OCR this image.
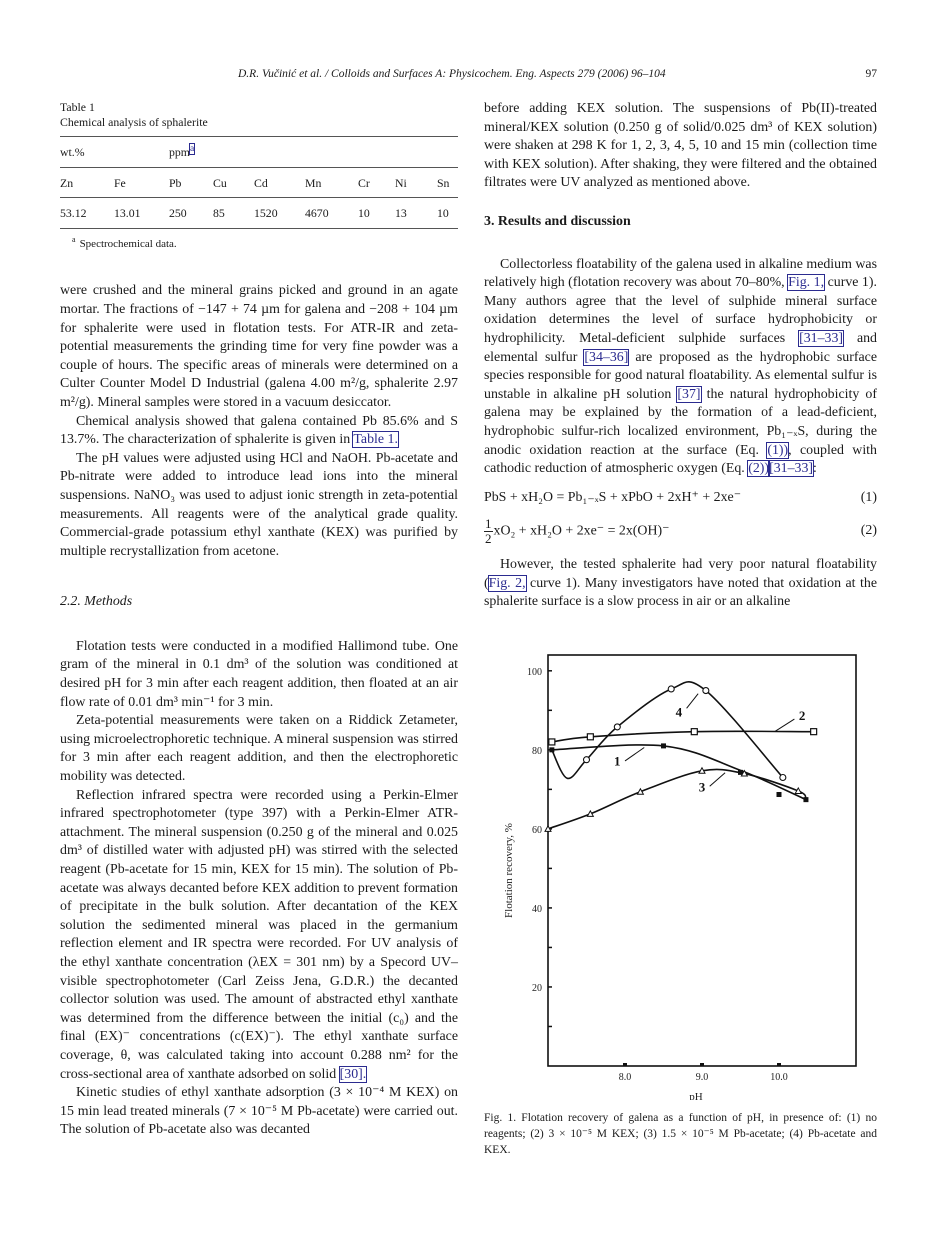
D.R. Vučinić et al. / Colloids and Surfaces A: Physicochem. Eng. Aspects 279 (2006) 96–104	97
Table 1
Chemical analysis of sphalerite
wt.%		ppm$^a$
Zn	Fe	Pb	Cu	Cd	Mn	Cr	Ni	Sn
53.12	13.01	250	85	1520	4670	10	13	10
$^a$ Spectrochemical data.

were crushed and the mineral grains picked and ground in an agate mortar. The fractions of −147 + 74 µm for galena and −208 + 104 µm for sphalerite were used in flotation tests. For ATR-IR and zeta-potential measurements the grinding time for very fine powder was a couple of hours. The specific areas of minerals were determined on a Culter Counter Model D Industrial (galena 4.00 m²/g, sphalerite 2.97 m²/g). Mineral samples were stored in a vacuum desiccator.

Chemical analysis showed that galena contained Pb 85.6% and S 13.7%. The characterization of sphalerite is given in Table 1.

The pH values were adjusted using HCl and NaOH. Pb-acetate and Pb-nitrate were added to introduce lead ions into the mineral suspensions. NaNO₃ was used to adjust ionic strength in zeta-potential measurements. All reagents were of the analytical grade quality. Commercial-grade potassium ethyl xanthate (KEX) was purified by multiple recrystallization from acetone.

2.2. Methods

Flotation tests were conducted in a modified Hallimond tube. One gram of the mineral in 0.1 dm³ of the solution was conditioned at desired pH for 3 min after each reagent addition, then floated at an air flow rate of 0.01 dm³ min⁻¹ for 3 min.

Zeta-potential measurements were taken on a Riddick Zetameter, using microelectrophoretic technique. A mineral suspension was stirred for 3 min after each reagent addition, and then the electrophoretic mobility was detected.

Reflection infrared spectra were recorded using a Perkin-Elmer infrared spectrophotometer (type 397) with a Perkin-Elmer ATR-attachment. The mineral suspension (0.250 g of the mineral and 0.025 dm³ of distilled water with adjusted pH) was stirred with the selected reagent (Pb-acetate for 15 min, KEX for 15 min). The solution of Pb-acetate was always decanted before KEX addition to prevent formation of precipitate in the bulk solution. After decantation of the KEX solution the sedimented mineral was placed in the germanium reflection element and IR spectra were recorded. For UV analysis of the ethyl xanthate concentration (λEX = 301 nm) by a Specord UV–visible spectrophotometer (Carl Zeiss Jena, G.D.R.) the decanted collector solution was used. The amount of abstracted ethyl xanthate was determined from the difference between the initial (c₀) and the final (EX)⁻ concentrations (c(EX)⁻). The ethyl xanthate surface coverage, θ, was calculated taking into account 0.288 nm² for the cross-sectional area of xanthate adsorbed on solid [30].

Kinetic studies of ethyl xanthate adsorption (3 × 10⁻⁴ M KEX) on 15 min lead treated minerals (7 × 10⁻⁵ M Pb-acetate) were carried out. The solution of Pb-acetate also was decanted

before adding KEX solution. The suspensions of Pb(II)-treated mineral/KEX solution (0.250 g of solid/0.025 dm³ of KEX solution) were shaken at 298 K for 1, 2, 3, 4, 5, 10 and 15 min (collection time with KEX solution). After shaking, they were filtered and the obtained filtrates were UV analyzed as mentioned above.

3. Results and discussion

Collectorless floatability of the galena used in alkaline medium was relatively high (flotation recovery was about 70–80%, Fig. 1, curve 1). Many authors agree that the level of sulphide mineral surface oxidation determines the level of surface hydrophobicity or hydrophilicity. Metal-deficient sulphide surfaces [31–33] and elemental sulfur [34–36] are proposed as the hydrophobic surface species responsible for good natural floatability. As elemental sulfur is unstable in alkaline pH solution [37] the natural hydrophobicity of galena may be explained by the formation of a lead-deficient, hydrophobic sulfur-rich localized environment, Pb₁₋ₓS, during the anodic oxidation reaction at the surface (Eq. (1)), coupled with cathodic reduction of atmospheric oxygen (Eq. (2))[31–33]:

PbS + xH₂O = Pb₁₋ₓS + xPbO + 2xH⁺ + 2xe⁻	(1)
$\frac{1}{2} xO_2 + xH_2O + 2xe^- = 2x(OH)^-$	(2)

However, the tested sphalerite had very poor natural floatability (Fig. 2, curve 1). Many investigators have noted that oxidation at the sphalerite surface is a slow process in air or an alkaline

20
40
60
80
100
8.0	9.0	10.0
pH
Flotation recovery, %
4	2
1
3
Fig. 1. Flotation recovery of galena as a function of pH, in presence of: (1) no reagents; (2) 3 × 10⁻⁵ M KEX; (3) 1.5 × 10⁻⁵ M Pb-acetate; (4) Pb-acetate and KEX.
